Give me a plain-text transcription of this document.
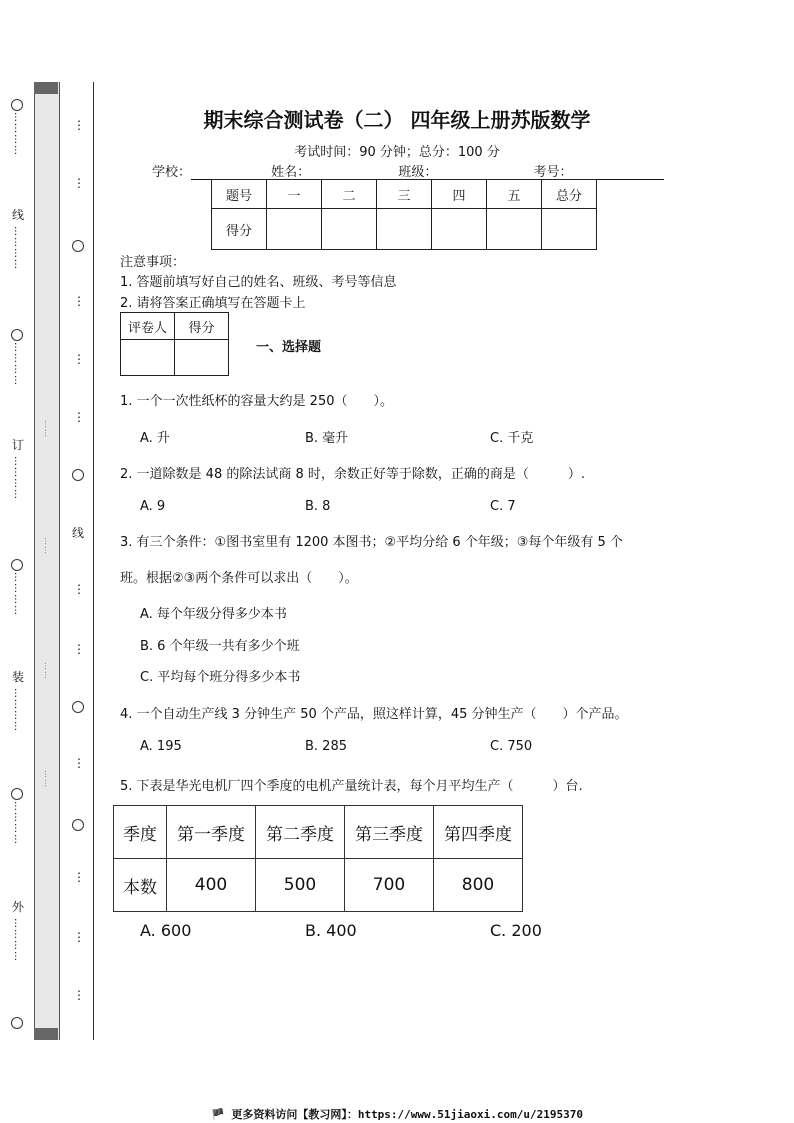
…………
线
…………
…………
订
…………
…………
装
…………
…………
外
…………
……
……
……
……
⋮
⋮
⋮
⋮
⋮
线
⋮
⋮
⋮
⋮
⋮
⋮
期末综合测试卷（二） 四年级上册苏版数学
考试时间：90 分钟；总分：100 分
学校：	姓名：	班级：	考号：
题号	一	二	三	四	五	总分
得分						
注意事项：
1. 答题前填写好自己的姓名、班级、考号等信息
2. 请将答案正确填写在答题卡上
评卷人	得分

一、选择题
1. 一个一次性纸杯的容量大约是 250（　　）。
A. 升	B. 毫升	C. 千克
2. 一道除数是 48 的除法试商 8 时，余数正好等于除数，正确的商是（　　　）.
A. 9	B. 8	C. 7
3. 有三个条件：①图书室里有 1200 本图书；②平均分给 6 个年级；③每个年级有 5 个
班。根据②③两个条件可以求出（　　）。
A. 每个年级分得多少本书
B. 6 个年级一共有多少个班
C. 平均每个班分得多少本书
4. 一个自动生产线 3 分钟生产 50 个产品，照这样计算，45 分钟生产（　　）个产品。
A. 195	B. 285	C. 750
5. 下表是华光电机厂四个季度的电机产量统计表，每个月平均生产（　　　）台.
季度	第一季度	第二季度	第三季度	第四季度
本数	400	500	700	800
A. 600	B. 400	C. 200
🏴 更多资料访问【教习网】：https://www.51jiaoxi.com/u/2195370
